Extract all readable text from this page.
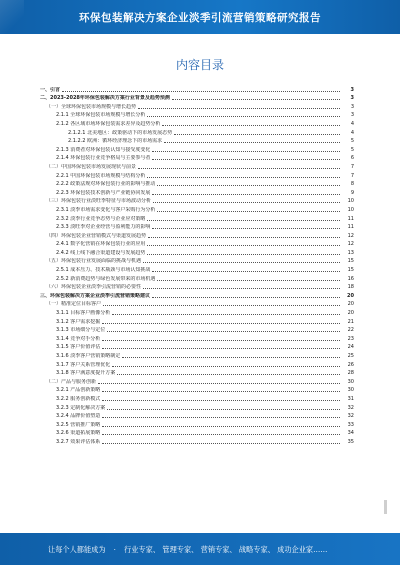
环保包装解决方案企业淡季引流营销策略研究报告
内容目录
一、引言	3
二、2023-2028年环保包装解决方案行业背景及趋势预测	3
（一）全球环保包装市场规模与增长趋势	3
2.1.1 全球环保包装市场规模与增长分析	3
2.1.2 各区域市场环保包装需求差异及趋势分析	4
2.1.2.1 北美地区：政策驱动下的市场发展态势	4
2.1.2.2 欧洲：循环经济理念下的市场需求	5
2.1.3 消费者对环保包装认知与接受度变化	5
2.1.4 环保包装行业竞争格局与主要参与者	6
（二）中国环保包装市场发展现状与前景	7
2.2.1 中国环保包装市场规模与结构分析	7
2.2.2 政策法规对环保包装行业的影响与推动	8
2.2.3 环保包装技术创新与产业链协同发展	9
（三）环保包装行业淡旺季特征与市场波动分析	10
2.3.1 淡季市场需求变化与客户采购行为分析	10
2.3.2 淡季行业竞争态势与企业应对策略	11
2.3.3 淡旺季对企业经营与盈利能力的影响	11
（四）环保包装企业营销模式与渠道发展趋势	12
2.4.1 数字化营销在环保包装行业的应用	12
2.4.2 线上线下融合渠道建设与发展趋势	13
（五）环保包装行业发展面临的挑战与机遇	15
2.5.1 成本压力、技术瓶颈与市场认知挑战	15
2.5.2 新消费趋势与绿色发展带来的市场机遇	16
（六）环保包装企业淡季引流营销的必要性	18
三、环保包装解决方案企业淡季引流营销策略建议	20
（一）精准定位目标客户	20
3.1.1 目标客户画像分析	20
3.1.2 客户需求挖掘	21
3.1.3 市场细分与定位	22
3.1.4 竞争对手分析	23
3.1.5 客户价值评估	24
3.1.6 淡季客户营销策略制定	25
3.1.7 客户关系管理优化	26
3.1.8 客户满意度提升方案	28
（二）产品与服务创新	30
3.2.1 产品创新策略	30
3.2.2 服务创新模式	31
3.2.3 定制化解决方案	32
3.2.4 品牌价值塑造	32
3.2.5 营销推广策略	33
3.2.6 渠道拓展策略	34
3.2.7 效果评估体系	35
让每个人都能成为 · 行业专家、 管理专家、 营销专家、 战略专家、 成功企业家……
